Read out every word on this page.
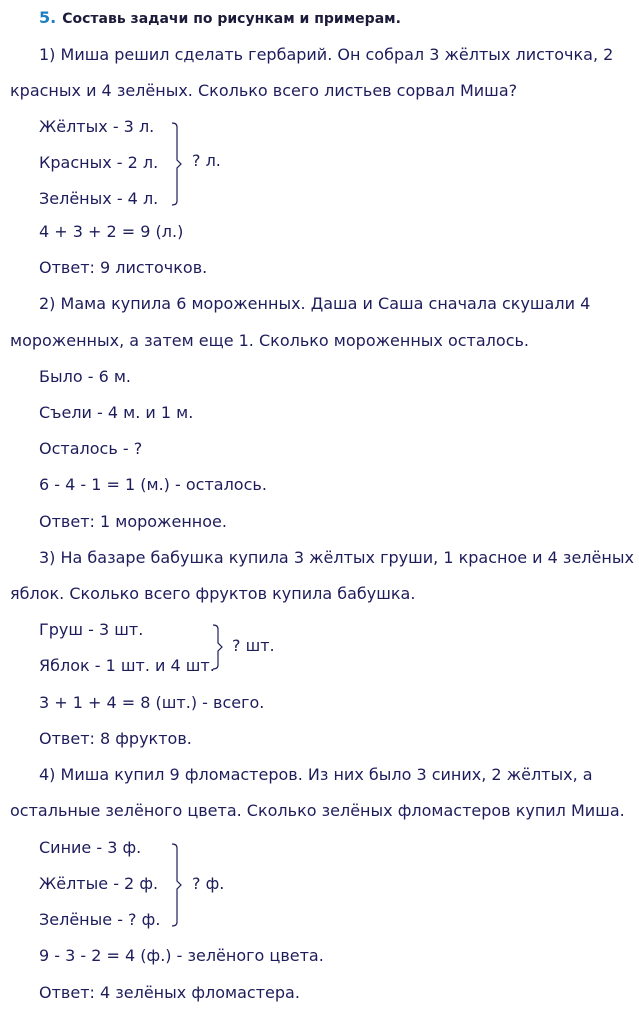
5. Составь задачи по рисункам и примерам.
1) Миша решил сделать гербарий. Он собрал 3 жёлтых листочка, 2
красных и 4 зелёных. Сколько всего листьев сорвал Миша?
Жёлтых - 3 л.
Красных - 2 л.
Зелёных - 4 л.
? л.
4 + 3 + 2 = 9 (л.)
Ответ: 9 листочков.
2) Мама купила 6 мороженных. Даша и Саша сначала скушали 4
мороженных, а затем еще 1. Сколько мороженных осталось.
Было - 6 м.
Съели - 4 м. и 1 м.
Осталось - ?
6 - 4 - 1 = 1 (м.) - осталось.
Ответ: 1 мороженное.
3) На базаре бабушка купила 3 жёлтых груши, 1 красное и 4 зелёных
яблок. Сколько всего фруктов купила бабушка.
Груш - 3 шт.
Яблок - 1 шт. и 4 шт.
? шт.
3 + 1 + 4 = 8 (шт.) - всего.
Ответ: 8 фруктов.
4) Миша купил 9 фломастеров. Из них было 3 синих, 2 жёлтых, а
остальные зелёного цвета. Сколько зелёных фломастеров купил Миша.
Синие - 3 ф.
Жёлтые - 2 ф.
Зелёные - ? ф.
? ф.
9 - 3 - 2 = 4 (ф.) - зелёного цвета.
Ответ: 4 зелёных фломастера.
